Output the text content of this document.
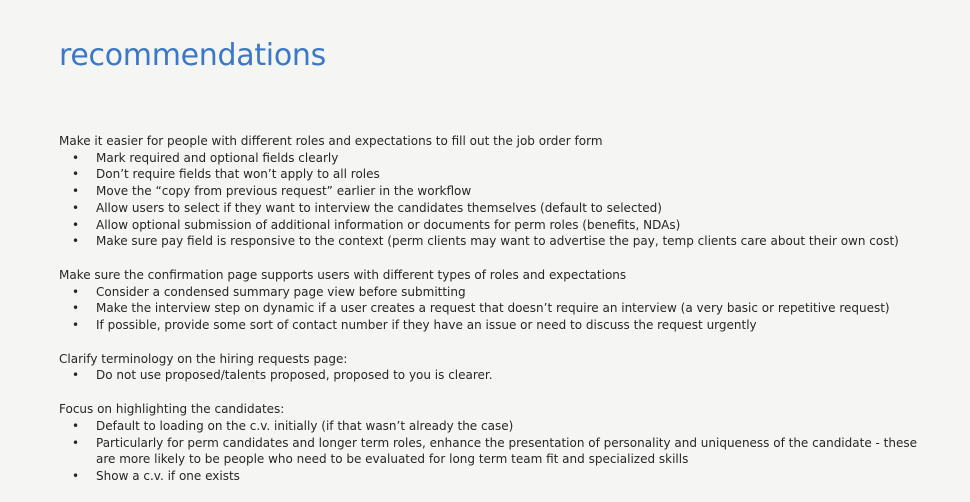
recommendations
Make it easier for people with different roles and expectations to fill out the job order form
• Mark required and optional fields clearly
• Don’t require fields that won’t apply to all roles
• Move the “copy from previous request” earlier in the workflow
• Allow users to select if they want to interview the candidates themselves (default to selected)
• Allow optional submission of additional information or documents for perm roles (benefits, NDAs)
• Make sure pay field is responsive to the context (perm clients may want to advertise the pay, temp clients care about their own cost)
Make sure the confirmation page supports users with different types of roles and expectations
• Consider a condensed summary page view before submitting
• Make the interview step on dynamic if a user creates a request that doesn’t require an interview (a very basic or repetitive request)
• If possible, provide some sort of contact number if they have an issue or need to discuss the request urgently
Clarify terminology on the hiring requests page:
• Do not use proposed/talents proposed, proposed to you is clearer.
Focus on highlighting the candidates:
• Default to loading on the c.v. initially (if that wasn’t already the case)
• Particularly for perm candidates and longer term roles, enhance the presentation of personality and uniqueness of the candidate - these are more likely to be people who need to be evaluated for long term team fit and specialized skills
• Show a c.v. if one exists
